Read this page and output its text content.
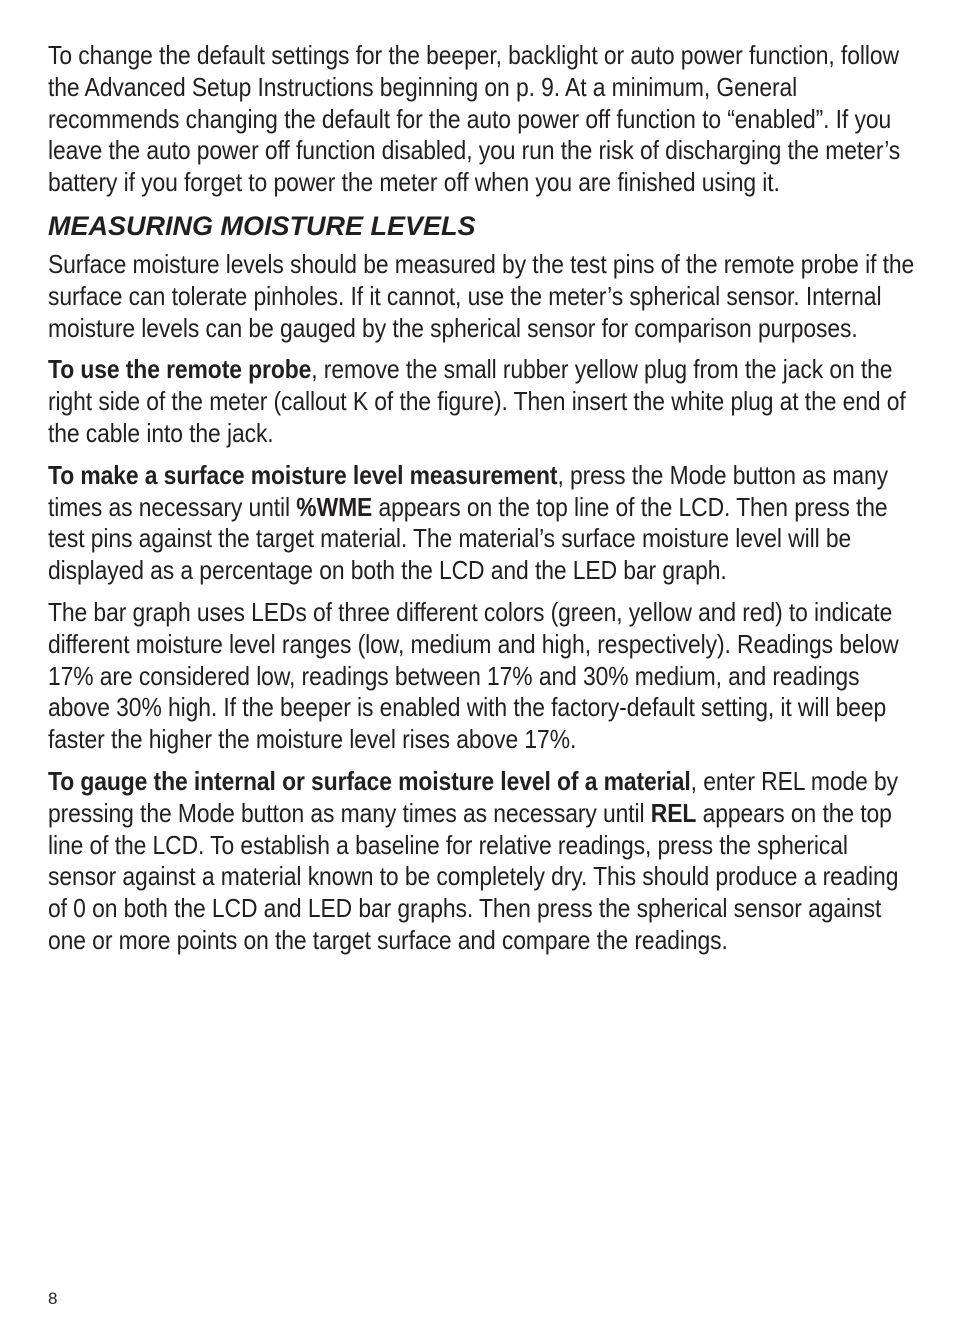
To change the default settings for the beeper, backlight or auto power function, follow the Advanced Setup Instructions beginning on p. 9. At a minimum, General recommends changing the default for the auto power off function to “enabled”. If you leave the auto power off function disabled, you run the risk of discharging the meter’s battery if you forget to power the meter off when you are finished using it.

MEASURING MOISTURE LEVELS

Surface moisture levels should be measured by the test pins of the remote probe if the surface can tolerate pinholes. If it cannot, use the meter’s spherical sensor. Internal moisture levels can be gauged by the spherical sensor for comparison purposes.

To use the remote probe, remove the small rubber yellow plug from the jack on the right side of the meter (callout K of the figure). Then insert the white plug at the end of the cable into the jack.

To make a surface moisture level measurement, press the Mode button as many times as necessary until %WME appears on the top line of the LCD. Then press the test pins against the target material. The material’s surface moisture level will be displayed as a percentage on both the LCD and the LED bar graph.

The bar graph uses LEDs of three different colors (green, yellow and red) to indicate different moisture level ranges (low, medium and high, respectively). Readings below 17% are considered low, readings between 17% and 30% medium, and readings above 30% high. If the beeper is enabled with the factory-default setting, it will beep faster the higher the moisture level rises above 17%.

To gauge the internal or surface moisture level of a material, enter REL mode by pressing the Mode button as many times as necessary until REL appears on the top line of the LCD. To establish a baseline for relative readings, press the spherical sensor against a material known to be completely dry. This should produce a reading of 0 on both the LCD and LED bar graphs. Then press the spherical sensor against one or more points on the target surface and compare the readings.

8
